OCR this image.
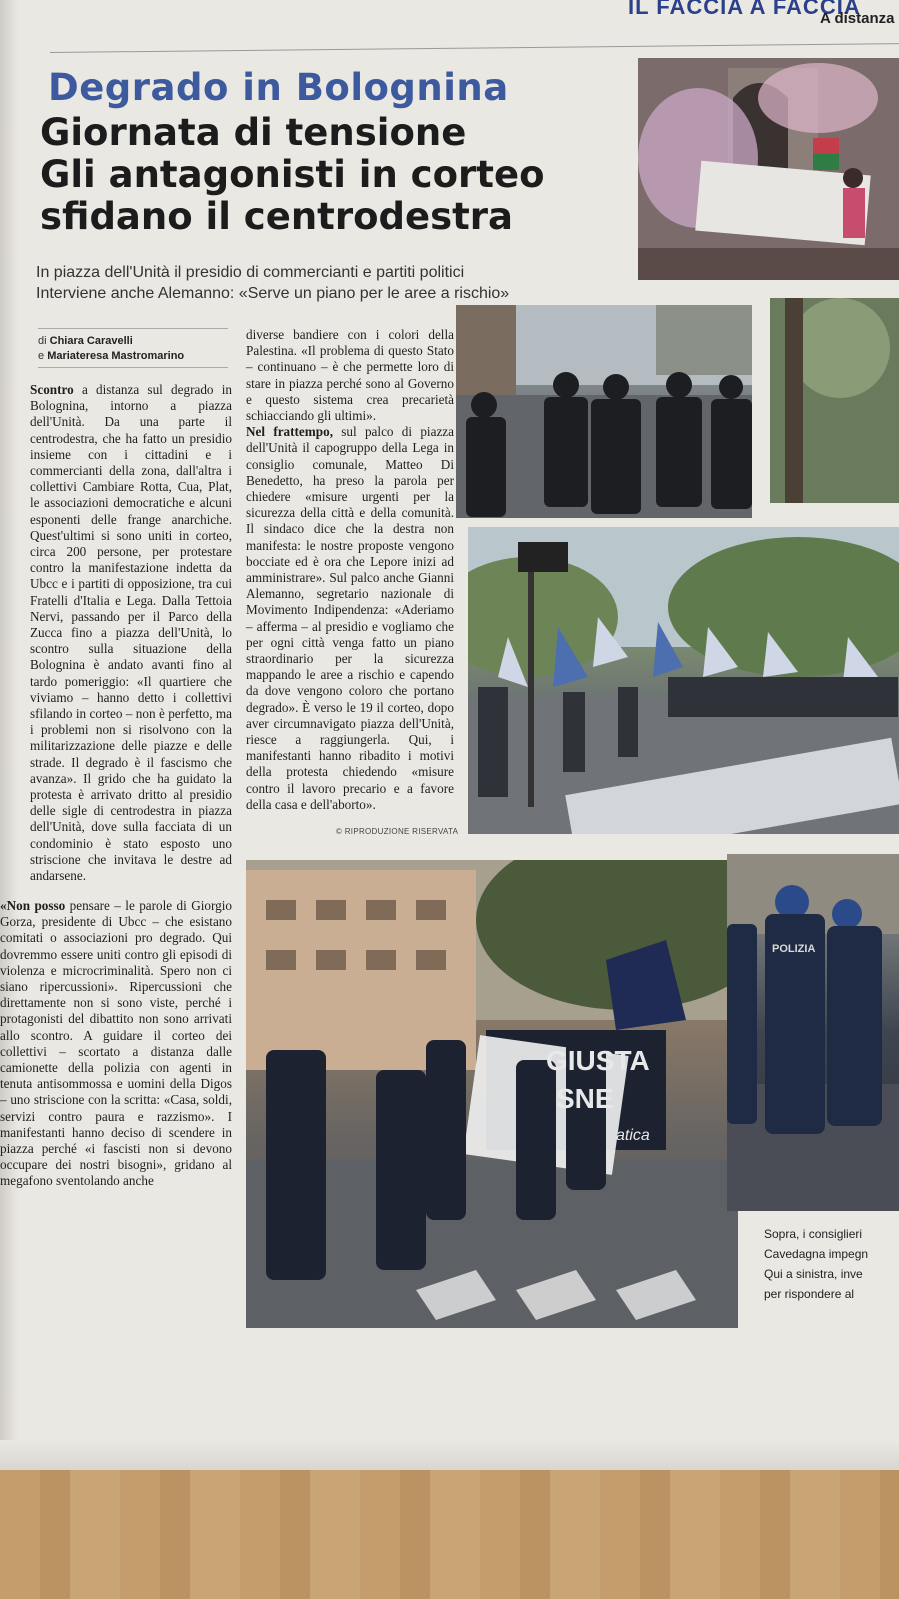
IL FACCIA A FACCIA
A distanza
Degrado in Bolognina
Giornata di tensione
Gli antagonisti in corteo
sfidano il centrodestra
In piazza dell'Unità il presidio di commercianti e partiti politici
Interviene anche Alemanno: «Serve un piano per le aree a rischio»
di Chiara Caravelli
e Mariateresa Mastromarino

Scontro a distanza sul degrado in Bolognina, intorno a piazza dell'Unità. Da una parte il centrodestra, che ha fatto un presidio insieme con i cittadini e i commercianti della zona, dall'altra i collettivi Cambiare Rotta, Cua, Plat, le associazioni democratiche e alcuni esponenti delle frange anarchiche. Quest'ultimi si sono uniti in corteo, circa 200 persone, per protestare contro la manifestazione indetta da Ubcc e i partiti di opposizione, tra cui Fratelli d'Italia e Lega. Dalla Tettoia Nervi, passando per il Parco della Zucca fino a piazza dell'Unità, lo scontro sulla situazione della Bolognina è andato avanti fino al tardo pomeriggio: «Il quartiere che viviamo – hanno detto i collettivi sfilando in corteo – non è perfetto, ma i problemi non si risolvono con la militarizzazione delle piazze e delle strade. Il degrado è il fascismo che avanza». Il grido che ha guidato la protesta è arrivato dritto al presidio delle sigle di centrodestra in piazza dell'Unità, dove sulla facciata di un condominio è stato esposto uno striscione che invitava le destre ad andarsene.

«Non posso pensare – le parole di Giorgio Gorza, presidente di Ubcc – che esistano comitati o associazioni pro degrado. Qui dovremmo essere uniti contro gli episodi di violenza e microcriminalità. Spero non ci siano ripercussioni». Ripercussioni che direttamente non si sono viste, perché i protagonisti del dibattito non sono arrivati allo scontro. A guidare il corteo dei collettivi – scortato a distanza dalle camionette della polizia con agenti in tenuta antisommossa e uomini della Digos – uno striscione con la scritta: «Casa, soldi, servizi contro paura e razzismo». I manifestanti hanno deciso di scendere in piazza perché «i fascisti non si devono occupare dei nostri bisogni», gridano al megafono sventolando anche

diverse bandiere con i colori della Palestina. «Il problema di questo Stato – continuano – è che permette loro di stare in piazza perché sono al Governo e questo sistema crea precarietà schiacciando gli ultimi».

Nel frattempo, sul palco di piazza dell'Unità il capogruppo della Lega in consiglio comunale, Matteo Di Benedetto, ha preso la parola per chiedere «misure urgenti per la sicurezza della città e della comunità. Il sindaco dice che la destra non manifesta: le nostre proposte vengono bocciate ed è ora che Lepore inizi ad amministrare». Sul palco anche Gianni Alemanno, segretario nazionale di Movimento Indipendenza: «Aderiamo – afferma – al presidio e vogliamo che per ogni città venga fatto un piano straordinario per la sicurezza mappando le aree a rischio e capendo da dove vengono coloro che portano degrado». È verso le 19 il corteo, dopo aver circumnavigato piazza dell'Unità, riesce a raggiungerla. Qui, i manifestanti hanno ribadito i motivi della protesta chiedendo «misure contro il lavoro precario e a favore della casa e dell'aborto».

© RIPRODUZIONE RISERVATA
GIUSTA
SNE
atica
POLIZIA
Sopra, i consiglieri
Cavedagna impegn
Qui a sinistra, inve
per rispondere al
